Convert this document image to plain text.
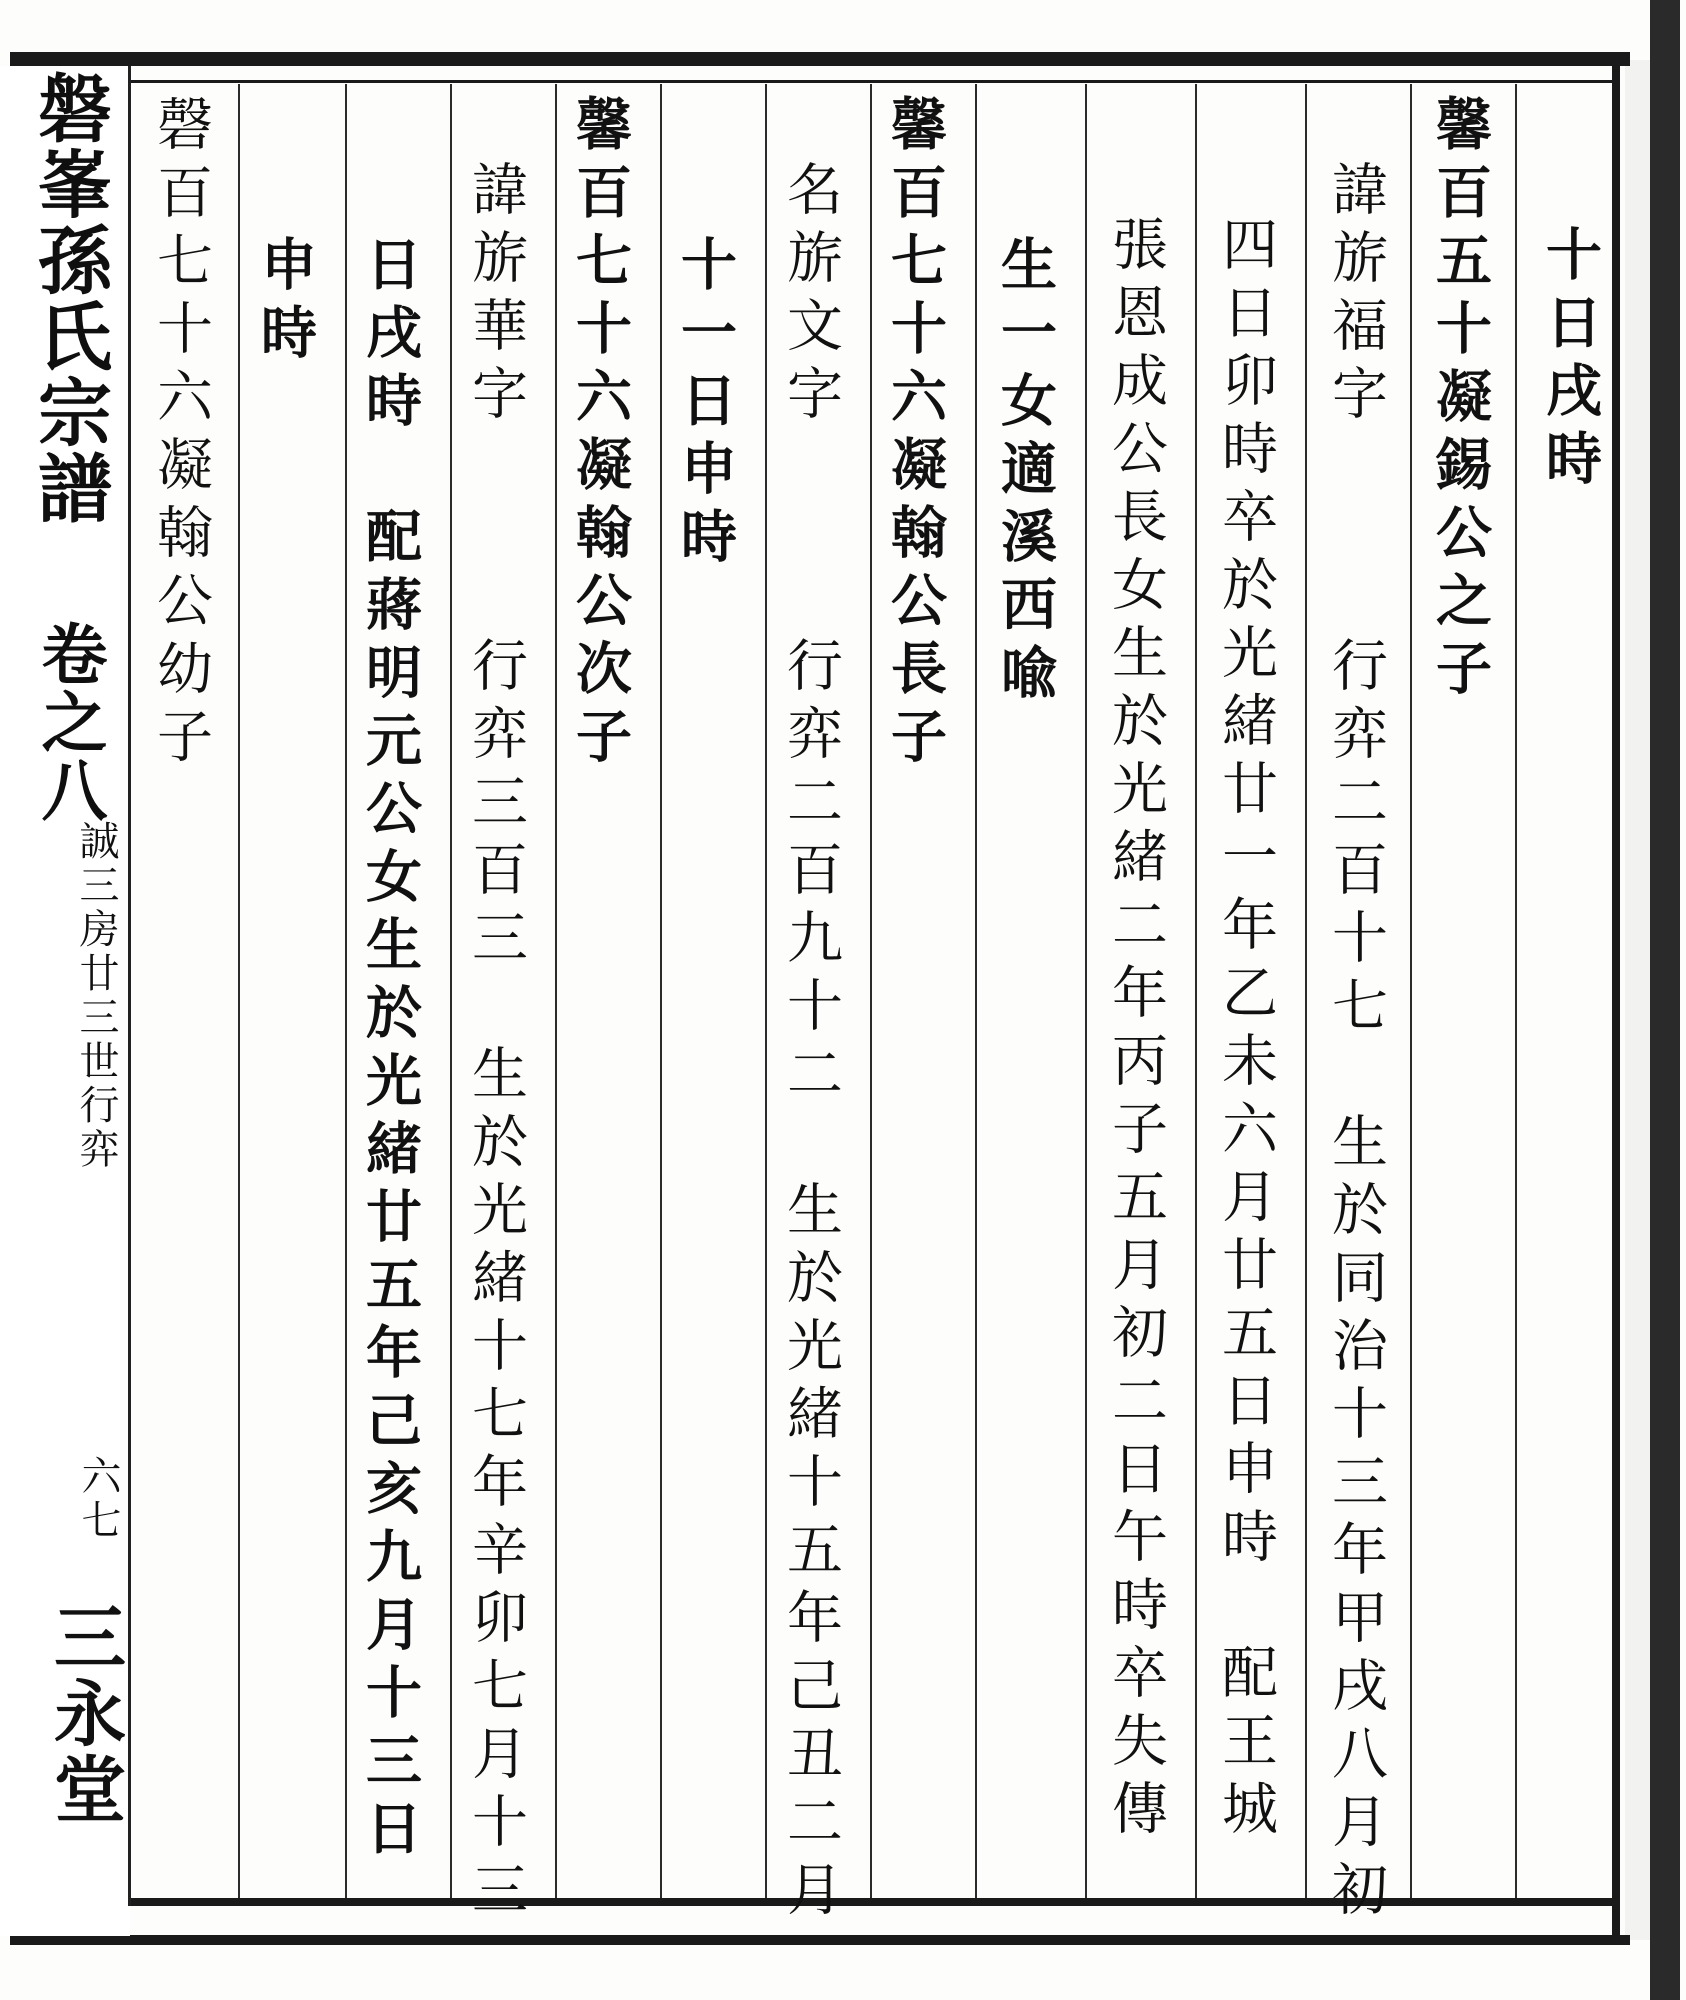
磐峯孫氏宗譜
卷之八
誠三房廿三世行弈
六七
三永堂
十日戌時
馨百五十凝錫公之子
諱旂福字　　　行弈二百十七　生於同治十三年甲戌八月初
四日卯時卒於光緒廿一年乙未六月廿五日申時　配王城
張恩成公長女生於光緒二年丙子五月初二日午時卒失傳
生一女適溪西喩
馨百七十六凝翰公長子
名旂文字　　　行弈二百九十二　生於光緒十五年己丑二月
十一日申時
馨百七十六凝翰公次子
諱旂華字　　　行弈三百三　生於光緒十七年辛卯七月十三
日戌時　配蔣明元公女生於光緒廿五年己亥九月十三日
申時
磬百七十六凝翰公幼子
